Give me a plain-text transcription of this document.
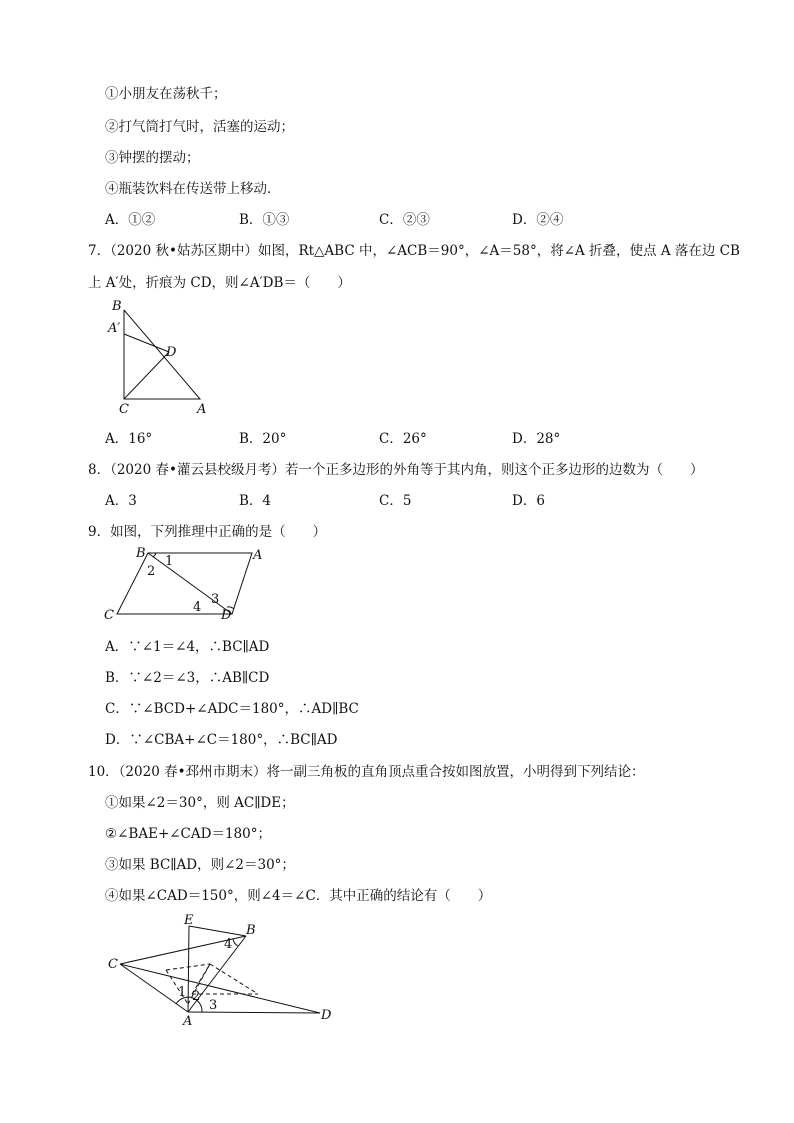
①小朋友在荡秋千；
②打气筒打气时，活塞的运动；
③钟摆的摆动；
④瓶装饮料在传送带上移动．
A．①②	B．①③	C．②③	D．②④
7．（2020 秋•姑苏区期中）如图，Rt△ABC 中，∠ACB＝90°，∠A＝58°，将∠A 折叠，使点 A 落在边 CB
上 A′处，折痕为 CD，则∠A′DB＝（　　）
B
A′
D
C	A
A．16°	B．20°	C．26°	D．28°
8．（2020 春•灌云县校级月考）若一个正多边形的外角等于其内角，则这个正多边形的边数为（　　）
A．3	B．4	C．5	D．6
9．如图，下列推理中正确的是（　　）
B	A
C	D
1
2
3
4
A．∵∠1＝∠4，∴BC∥AD
B．∵∠2＝∠3，∴AB∥CD
C．∵∠BCD+∠ADC＝180°，∴AD∥BC
D．∵∠CBA+∠C＝180°，∴BC∥AD
10．（2020 春•邳州市期末）将一副三角板的直角顶点重合按如图放置，小明得到下列结论：
①如果∠2＝30°，则 AC∥DE；
②∠BAE+∠CAD＝180°；
③如果 BC∥AD，则∠2＝30°；
④如果∠CAD＝150°，则∠4＝∠C．其中正确的结论有（　　）
E
B
C
A	D
1 2
3
4
